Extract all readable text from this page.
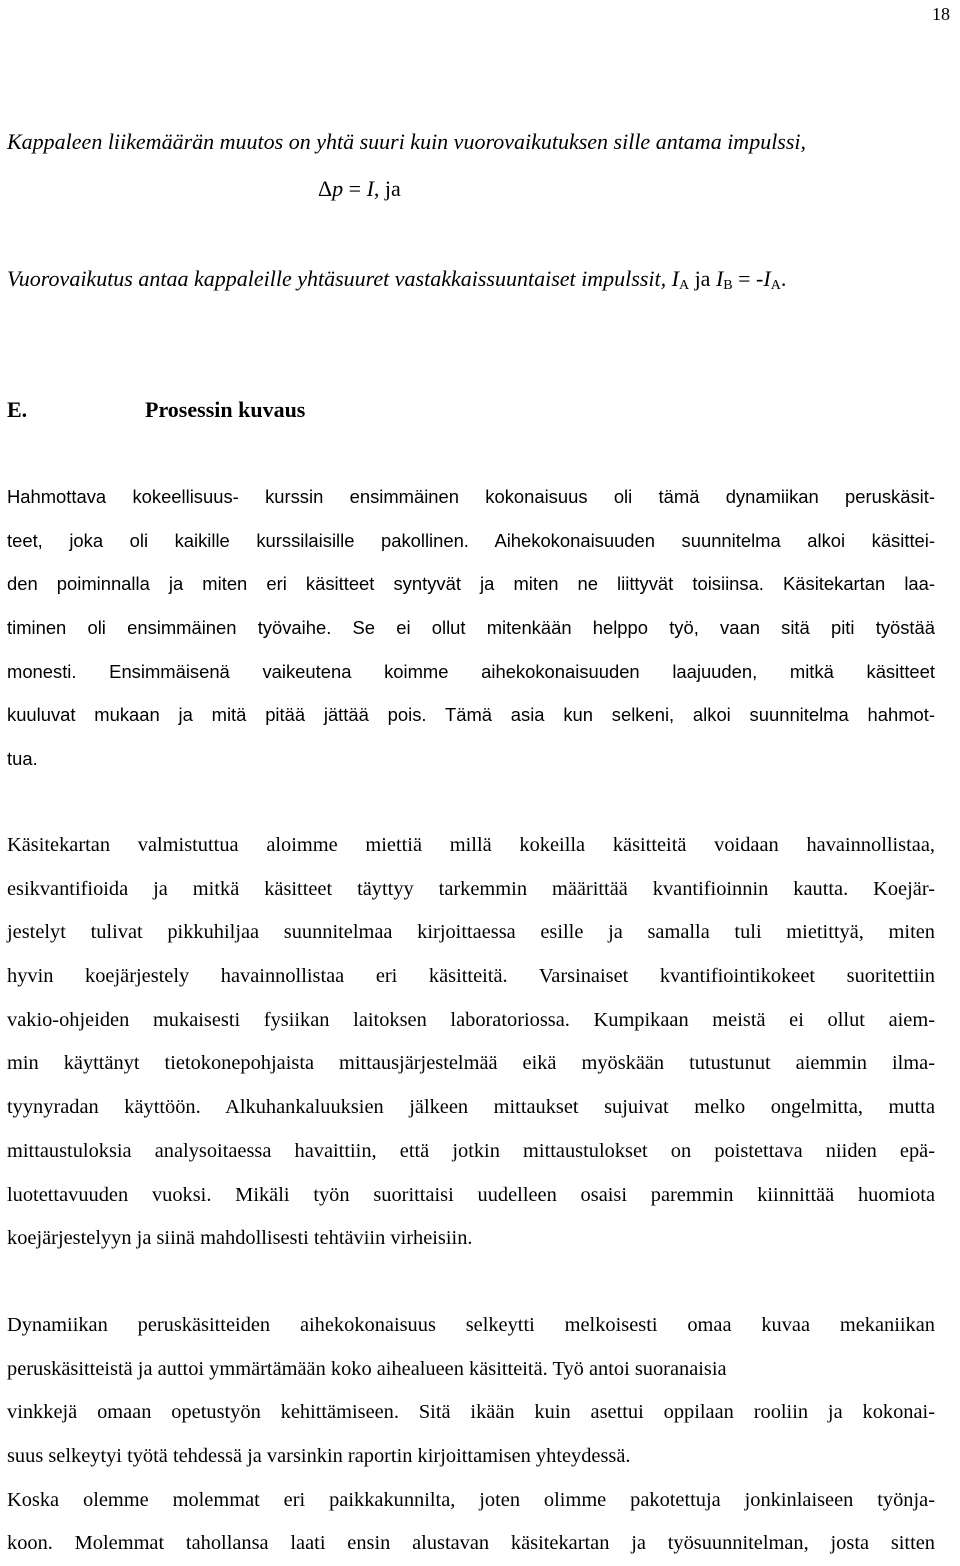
18
Kappaleen liikemäärän muutos on yhtä suuri kuin vuorovaikutuksen sille antama impulssi,
Δp = I, ja
Vuorovaikutus antaa kappaleille yhtäsuuret vastakkaissuuntaiset impulssit, $I_A$ ja $I_B = -I_A$.
E.	Prosessin kuvaus
Hahmottava kokeellisuus- kurssin ensimmäinen kokonaisuus oli tämä dynamiikan peruskäsit-
teet, joka oli kaikille kurssilaisille pakollinen. Aihekokonaisuuden suunnitelma alkoi käsittei-
den poiminnalla ja miten eri käsitteet syntyvät ja miten ne liittyvät toisiinsa. Käsitekartan laa-
timinen oli ensimmäinen työvaihe. Se ei ollut mitenkään helppo työ, vaan sitä piti työstää
monesti. Ensimmäisenä vaikeutena koimme aihekokonaisuuden laajuuden, mitkä käsitteet
kuuluvat mukaan ja mitä pitää jättää pois. Tämä asia kun selkeni, alkoi suunnitelma hahmot-
tua.
Käsitekartan valmistuttua aloimme miettiä millä kokeilla käsitteitä voidaan havainnollistaa,
esikvantifioida ja mitkä käsitteet täyttyy tarkemmin määrittää kvantifioinnin kautta. Koejär-
jestelyt tulivat pikkuhiljaa suunnitelmaa kirjoittaessa esille ja samalla tuli mietittyä, miten
hyvin koejärjestely havainnollistaa eri käsitteitä. Varsinaiset kvantifiointikokeet suoritettiin
vakio-ohjeiden mukaisesti fysiikan laitoksen laboratoriossa. Kumpikaan meistä ei ollut aiem-
min käyttänyt tietokonepohjaista mittausjärjestelmää eikä myöskään tutustunut aiemmin ilma-
tyynyradan käyttöön. Alkuhankaluuksien jälkeen mittaukset sujuivat melko ongelmitta, mutta
mittaustuloksia analysoitaessa havaittiin, että jotkin mittaustulokset on poistettava niiden epä-
luotettavuuden vuoksi. Mikäli työn suorittaisi uudelleen osaisi paremmin kiinnittää huomiota
koejärjestelyyn ja siinä mahdollisesti tehtäviin virheisiin.
Dynamiikan peruskäsitteiden aihekokonaisuus selkeytti melkoisesti omaa kuvaa mekaniikan
peruskäsitteistä ja auttoi ymmärtämään koko aihealueen käsitteitä. Työ antoi suoranaisia
vinkkejä omaan opetustyön kehittämiseen. Sitä ikään kuin asettui oppilaan rooliin ja kokonai-
suus selkeytyi työtä tehdessä ja varsinkin raportin kirjoittamisen yhteydessä.
Koska olemme molemmat eri paikkakunnilta, joten olimme pakotettuja jonkinlaiseen työnja-
koon. Molemmat tahollansa laati ensin alustavan käsitekartan ja työsuunnitelman, josta sitten
